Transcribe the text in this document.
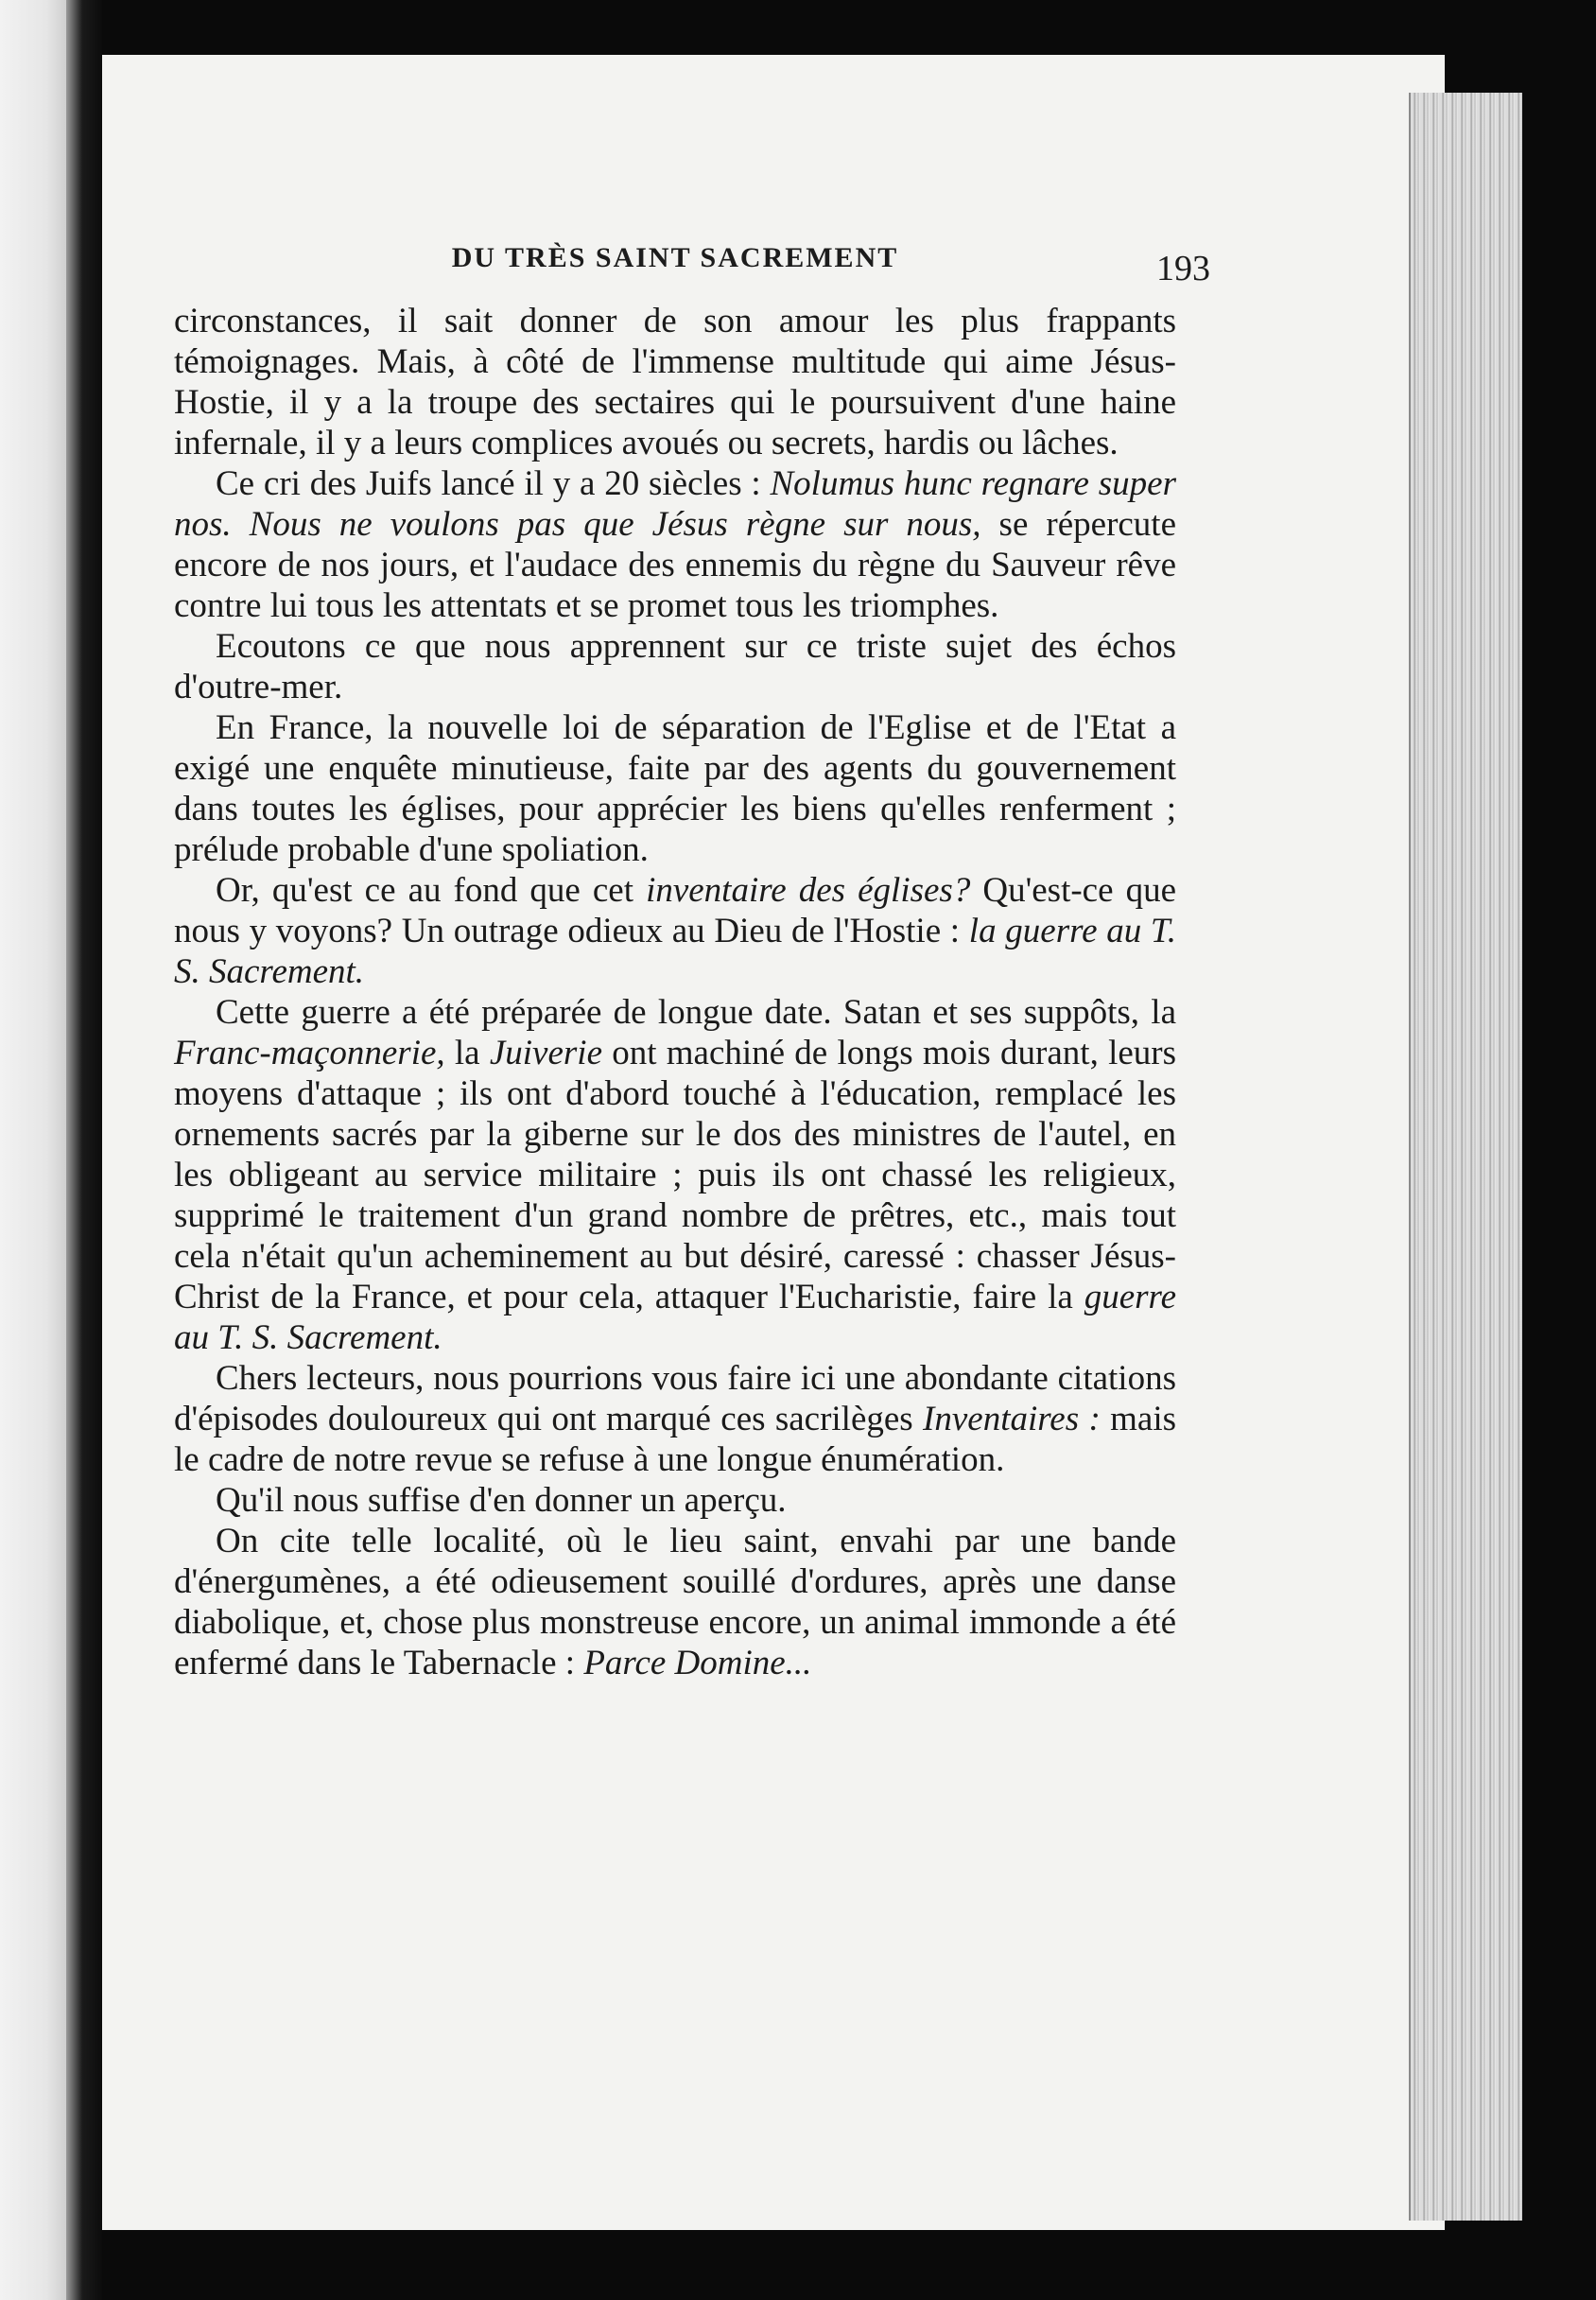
DU TRÈS SAINT SACREMENT	193

circonstances, il sait donner de son amour les plus frappants témoignages. Mais, à côté de l'immense multitude qui aime Jésus-Hostie, il y a la troupe des sectaires qui le poursuivent d'une haine infernale, il y a leurs complices avoués ou secrets, hardis ou lâches.

Ce cri des Juifs lancé il y a 20 siècles : Nolumus hunc regnare super nos. Nous ne voulons pas que Jésus règne sur nous, se répercute encore de nos jours, et l'audace des ennemis du règne du Sauveur rêve contre lui tous les attentats et se promet tous les triomphes.

Ecoutons ce que nous apprennent sur ce triste sujet des échos d'outre-mer.

En France, la nouvelle loi de séparation de l'Eglise et de l'Etat a exigé une enquête minutieuse, faite par des agents du gouvernement dans toutes les églises, pour apprécier les biens qu'elles renferment ; prélude probable d'une spoliation.

Or, qu'est ce au fond que cet inventaire des églises? Qu'est-ce que nous y voyons? Un outrage odieux au Dieu de l'Hostie : la guerre au T. S. Sacrement.

Cette guerre a été préparée de longue date. Satan et ses suppôts, la Franc-maçonnerie, la Juiverie ont machiné de longs mois durant, leurs moyens d'attaque ; ils ont d'abord touché à l'éducation, remplacé les ornements sacrés par la giberne sur le dos des ministres de l'autel, en les obligeant au service militaire ; puis ils ont chassé les religieux, supprimé le traitement d'un grand nombre de prêtres, etc., mais tout cela n'était qu'un acheminement au but désiré, caressé : chasser Jésus-Christ de la France, et pour cela, attaquer l'Eucharistie, faire la guerre au T. S. Sacrement.

Chers lecteurs, nous pourrions vous faire ici une abondante citations d'épisodes douloureux qui ont marqué ces sacrilèges Inventaires : mais le cadre de notre revue se refuse à une longue énumération.

Qu'il nous suffise d'en donner un aperçu.

On cite telle localité, où le lieu saint, envahi par une bande d'énergumènes, a été odieusement souillé d'ordures, après une danse diabolique, et, chose plus monstreuse encore, un animal immonde a été enfermé dans le Tabernacle : Parce Domine...
